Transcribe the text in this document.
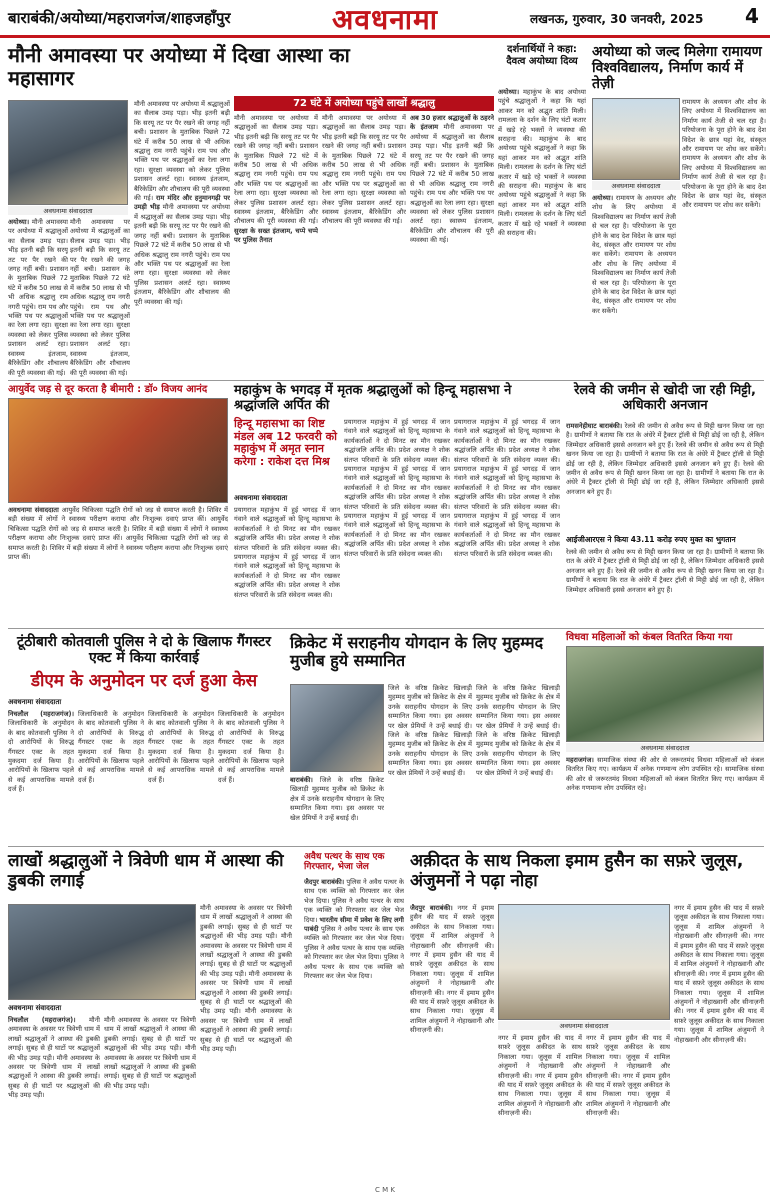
बाराबंकी/अयोध्या/महराजगंज/शाहजहाँपुर	अवधनामा	लखनऊ, गुरुवार, 30 जनवरी, 2025 4
मौनी अमावस्या पर अयोध्या में दिखा आस्था का महासागर
अवधनामा संवाददाता
72 घंटे में अयोध्या पहुंचे लाखों श्रद्धालु
अयोध्या। मौनी अमावस्या पर अयोध्या में श्रद्धालुओं का सैलाब उमड़ पड़ा। भीड़ इतनी बढ़ी कि सरयू तट पर पैर रखने की जगह नहीं बची। प्रशासन के मुताबिक पिछले 72 घंटे में करीब 50 लाख से भी अधिक श्रद्धालु राम नगरी पहुंचे। राम पथ और भक्ति पथ पर श्रद्धालुओं का रेला लगा रहा। सुरक्षा व्यवस्था को लेकर पुलिस प्रशासन अलर्ट रहा। स्वास्थ्य इंतजाम, बैरिकेडिंग और शौचालय की पूरी व्यवस्था की गई।
मौनी अमावस्या पर अयोध्या में श्रद्धालुओं का सैलाब उमड़ पड़ा। भीड़ इतनी बढ़ी कि सरयू तट पर पैर रखने की जगह नहीं बची। प्रशासन के मुताबिक पिछले 72 घंटे में करीब 50 लाख से भी अधिक श्रद्धालु राम नगरी पहुंचे। राम पथ और भक्ति पथ पर श्रद्धालुओं का रेला लगा रहा। सुरक्षा व्यवस्था को लेकर पुलिस प्रशासन अलर्ट रहा। स्वास्थ्य इंतजाम, बैरिकेडिंग और शौचालय की पूरी व्यवस्था की गई।
मौनी अमावस्या पर अयोध्या में श्रद्धालुओं का सैलाब उमड़ पड़ा। भीड़ इतनी बढ़ी कि सरयू तट पर पैर रखने की जगह नहीं बची। प्रशासन के मुताबिक पिछले 72 घंटे में करीब 50 लाख से भी अधिक श्रद्धालु राम नगरी पहुंचे। राम पथ और भक्ति पथ पर श्रद्धालुओं का रेला लगा रहा। सुरक्षा व्यवस्था को लेकर पुलिस प्रशासन अलर्ट रहा। स्वास्थ्य इंतजाम, बैरिकेडिंग और शौचालय की पूरी व्यवस्था की गई। राम मंदिर और हनुमानगढ़ी पर उमड़ी भीड़ मौनी अमावस्या पर अयोध्या में श्रद्धालुओं का सैलाब उमड़ पड़ा। भीड़ इतनी बढ़ी कि सरयू तट पर पैर रखने की जगह नहीं बची। प्रशासन के मुताबिक पिछले 72 घंटे में करीब 50 लाख से भी अधिक श्रद्धालु राम नगरी पहुंचे। राम पथ और भक्ति पथ पर श्रद्धालुओं का रेला लगा रहा। सुरक्षा व्यवस्था को लेकर पुलिस प्रशासन अलर्ट रहा। स्वास्थ्य इंतजाम, बैरिकेडिंग और शौचालय की पूरी व्यवस्था की गई।
मौनी अमावस्या पर अयोध्या में श्रद्धालुओं का सैलाब उमड़ पड़ा। भीड़ इतनी बढ़ी कि सरयू तट पर पैर रखने की जगह नहीं बची। प्रशासन के मुताबिक पिछले 72 घंटे में करीब 50 लाख से भी अधिक श्रद्धालु राम नगरी पहुंचे। राम पथ और भक्ति पथ पर श्रद्धालुओं का रेला लगा रहा। सुरक्षा व्यवस्था को लेकर पुलिस प्रशासन अलर्ट रहा। स्वास्थ्य इंतजाम, बैरिकेडिंग और शौचालय की पूरी व्यवस्था की गई। सुरक्षा के सख्त इंतजाम, चप्पे चप्पे पर पुलिस तैनात
मौनी अमावस्या पर अयोध्या में श्रद्धालुओं का सैलाब उमड़ पड़ा। भीड़ इतनी बढ़ी कि सरयू तट पर पैर रखने की जगह नहीं बची। प्रशासन के मुताबिक पिछले 72 घंटे में करीब 50 लाख से भी अधिक श्रद्धालु राम नगरी पहुंचे। राम पथ और भक्ति पथ पर श्रद्धालुओं का रेला लगा रहा। सुरक्षा व्यवस्था को लेकर पुलिस प्रशासन अलर्ट रहा। स्वास्थ्य इंतजाम, बैरिकेडिंग और शौचालय की पूरी व्यवस्था की गई।
अब 30 हजार श्रद्धालुओं के ठहरने के इंतजाम मौनी अमावस्या पर अयोध्या में श्रद्धालुओं का सैलाब उमड़ पड़ा। भीड़ इतनी बढ़ी कि सरयू तट पर पैर रखने की जगह नहीं बची। प्रशासन के मुताबिक पिछले 72 घंटे में करीब 50 लाख से भी अधिक श्रद्धालु राम नगरी पहुंचे। राम पथ और भक्ति पथ पर श्रद्धालुओं का रेला लगा रहा। सुरक्षा व्यवस्था को लेकर पुलिस प्रशासन अलर्ट रहा। स्वास्थ्य इंतजाम, बैरिकेडिंग और शौचालय की पूरी व्यवस्था की गई।
दर्शनार्थियों ने कहा: दैवत्व अयोध्या दिव्य
अयोध्या। महाकुंभ के बाद अयोध्या पहुंचे श्रद्धालुओं ने कहा कि यहां आकर मन को अद्भुत शांति मिली। रामलला के दर्शन के लिए घंटों कतार में खड़े रहे भक्तों ने व्यवस्था की सराहना की। महाकुंभ के बाद अयोध्या पहुंचे श्रद्धालुओं ने कहा कि यहां आकर मन को अद्भुत शांति मिली। रामलला के दर्शन के लिए घंटों कतार में खड़े रहे भक्तों ने व्यवस्था की सराहना की। महाकुंभ के बाद अयोध्या पहुंचे श्रद्धालुओं ने कहा कि यहां आकर मन को अद्भुत शांति मिली। रामलला के दर्शन के लिए घंटों कतार में खड़े रहे भक्तों ने व्यवस्था की सराहना की।
अयोध्या को जल्द मिलेगा रामायण विश्वविद्यालय, निर्माण कार्य में तेज़ी
अवधनामा संवाददाता
अयोध्या। रामायण के अध्ययन और शोध के लिए अयोध्या में विश्वविद्यालय का निर्माण कार्य तेजी से चल रहा है। परियोजना के पूरा होने के बाद देश विदेश के छात्र यहां वेद, संस्कृत और रामायण पर शोध कर सकेंगे। रामायण के अध्ययन और शोध के लिए अयोध्या में विश्वविद्यालय का निर्माण कार्य तेजी से चल रहा है। परियोजना के पूरा होने के बाद देश विदेश के छात्र यहां वेद, संस्कृत और रामायण पर शोध कर सकेंगे।
रामायण के अध्ययन और शोध के लिए अयोध्या में विश्वविद्यालय का निर्माण कार्य तेजी से चल रहा है। परियोजना के पूरा होने के बाद देश विदेश के छात्र यहां वेद, संस्कृत और रामायण पर शोध कर सकेंगे। रामायण के अध्ययन और शोध के लिए अयोध्या में विश्वविद्यालय का निर्माण कार्य तेजी से चल रहा है। परियोजना के पूरा होने के बाद देश विदेश के छात्र यहां वेद, संस्कृत और रामायण पर शोध कर सकेंगे।
आयुर्वेद जड़ से दूर करता है बीमारी : डॉ० विजय आनंद
अवधनामा संवाददाता आयुर्वेद चिकित्सा पद्धति रोगों को जड़ से समाप्त करती है। शिविर में बड़ी संख्या में लोगों ने स्वास्थ्य परीक्षण कराया और निःशुल्क दवाएं प्राप्त कीं। आयुर्वेद चिकित्सा पद्धति रोगों को जड़ से समाप्त करती है। शिविर में बड़ी संख्या में लोगों ने स्वास्थ्य परीक्षण कराया और निःशुल्क दवाएं प्राप्त कीं। आयुर्वेद चिकित्सा पद्धति रोगों को जड़ से समाप्त करती है। शिविर में बड़ी संख्या में लोगों ने स्वास्थ्य परीक्षण कराया और निःशुल्क दवाएं प्राप्त कीं।
महाकुंभ के भगदड़ में मृतक श्रद्धालुओं को हिन्दू महासभा ने श्रद्धांजलि अर्पित की
हिन्दू महासभा का शिष्ट मंडल अब 12 फरवरी को महाकुंभ में अमृत स्नान करेगा : राकेश दत्त मिश्र
अवधनामा संवाददाता
प्रयागराज महाकुंभ में हुई भगदड़ में जान गंवाने वाले श्रद्धालुओं को हिन्दू महासभा के कार्यकर्ताओं ने दो मिनट का मौन रखकर श्रद्धांजलि अर्पित की। प्रदेश अध्यक्ष ने शोक संतप्त परिवारों के प्रति संवेदना व्यक्त की। प्रयागराज महाकुंभ में हुई भगदड़ में जान गंवाने वाले श्रद्धालुओं को हिन्दू महासभा के कार्यकर्ताओं ने दो मिनट का मौन रखकर श्रद्धांजलि अर्पित की। प्रदेश अध्यक्ष ने शोक संतप्त परिवारों के प्रति संवेदना व्यक्त की।
प्रयागराज महाकुंभ में हुई भगदड़ में जान गंवाने वाले श्रद्धालुओं को हिन्दू महासभा के कार्यकर्ताओं ने दो मिनट का मौन रखकर श्रद्धांजलि अर्पित की। प्रदेश अध्यक्ष ने शोक संतप्त परिवारों के प्रति संवेदना व्यक्त की। प्रयागराज महाकुंभ में हुई भगदड़ में जान गंवाने वाले श्रद्धालुओं को हिन्दू महासभा के कार्यकर्ताओं ने दो मिनट का मौन रखकर श्रद्धांजलि अर्पित की। प्रदेश अध्यक्ष ने शोक संतप्त परिवारों के प्रति संवेदना व्यक्त की। प्रयागराज महाकुंभ में हुई भगदड़ में जान गंवाने वाले श्रद्धालुओं को हिन्दू महासभा के कार्यकर्ताओं ने दो मिनट का मौन रखकर श्रद्धांजलि अर्पित की। प्रदेश अध्यक्ष ने शोक संतप्त परिवारों के प्रति संवेदना व्यक्त की।
प्रयागराज महाकुंभ में हुई भगदड़ में जान गंवाने वाले श्रद्धालुओं को हिन्दू महासभा के कार्यकर्ताओं ने दो मिनट का मौन रखकर श्रद्धांजलि अर्पित की। प्रदेश अध्यक्ष ने शोक संतप्त परिवारों के प्रति संवेदना व्यक्त की। प्रयागराज महाकुंभ में हुई भगदड़ में जान गंवाने वाले श्रद्धालुओं को हिन्दू महासभा के कार्यकर्ताओं ने दो मिनट का मौन रखकर श्रद्धांजलि अर्पित की। प्रदेश अध्यक्ष ने शोक संतप्त परिवारों के प्रति संवेदना व्यक्त की। प्रयागराज महाकुंभ में हुई भगदड़ में जान गंवाने वाले श्रद्धालुओं को हिन्दू महासभा के कार्यकर्ताओं ने दो मिनट का मौन रखकर श्रद्धांजलि अर्पित की। प्रदेश अध्यक्ष ने शोक संतप्त परिवारों के प्रति संवेदना व्यक्त की।
रेलवे की जमीन से खोदी जा रही मिट्टी, अधिकारी अनजान
रामसनेहीघाट बाराबंकी। रेलवे की जमीन से अवैध रूप से मिट्टी खनन किया जा रहा है। ग्रामीणों ने बताया कि रात के अंधेरे में ट्रैक्टर ट्रॉली से मिट्टी ढोई जा रही है, लेकिन जिम्मेदार अधिकारी इससे अनजान बने हुए हैं। रेलवे की जमीन से अवैध रूप से मिट्टी खनन किया जा रहा है। ग्रामीणों ने बताया कि रात के अंधेरे में ट्रैक्टर ट्रॉली से मिट्टी ढोई जा रही है, लेकिन जिम्मेदार अधिकारी इससे अनजान बने हुए हैं। रेलवे की जमीन से अवैध रूप से मिट्टी खनन किया जा रहा है। ग्रामीणों ने बताया कि रात के अंधेरे में ट्रैक्टर ट्रॉली से मिट्टी ढोई जा रही है, लेकिन जिम्मेदार अधिकारी इससे अनजान बने हुए हैं।
आईजीआरएस ने किया 43.11 करोड़ रुपए मुक्त का भुगतान
रेलवे की जमीन से अवैध रूप से मिट्टी खनन किया जा रहा है। ग्रामीणों ने बताया कि रात के अंधेरे में ट्रैक्टर ट्रॉली से मिट्टी ढोई जा रही है, लेकिन जिम्मेदार अधिकारी इससे अनजान बने हुए हैं। रेलवे की जमीन से अवैध रूप से मिट्टी खनन किया जा रहा है। ग्रामीणों ने बताया कि रात के अंधेरे में ट्रैक्टर ट्रॉली से मिट्टी ढोई जा रही है, लेकिन जिम्मेदार अधिकारी इससे अनजान बने हुए हैं।
विधवा महिलाओं को कंबल वितरित किया गया
अवधनामा संवाददाता
महराजगंज। सामाजिक संस्था की ओर से जरूरतमंद विधवा महिलाओं को कंबल वितरित किए गए। कार्यक्रम में अनेक गणमान्य लोग उपस्थित रहे। सामाजिक संस्था की ओर से जरूरतमंद विधवा महिलाओं को कंबल वितरित किए गए। कार्यक्रम में अनेक गणमान्य लोग उपस्थित रहे।
टूंठीबारी कोतवाली पुलिस ने दो के खिलाफ गैंगस्टर एक्ट में किया कार्रवाई
डीएम के अनुमोदन पर दर्ज हुआ केस
अवधनामा संवाददाता
निचलौल (महराजगंज)। जिलाधिकारी के अनुमोदन के बाद कोतवाली पुलिस ने दो आरोपियों के विरुद्ध गैंगस्टर एक्ट के तहत मुकदमा दर्ज किया है। आरोपियों के खिलाफ पहले से कई आपराधिक मामले दर्ज हैं।
जिलाधिकारी के अनुमोदन के बाद कोतवाली पुलिस ने दो आरोपियों के विरुद्ध गैंगस्टर एक्ट के तहत मुकदमा दर्ज किया है। आरोपियों के खिलाफ पहले से कई आपराधिक मामले दर्ज हैं।
जिलाधिकारी के अनुमोदन के बाद कोतवाली पुलिस ने दो आरोपियों के विरुद्ध गैंगस्टर एक्ट के तहत मुकदमा दर्ज किया है। आरोपियों के खिलाफ पहले से कई आपराधिक मामले दर्ज हैं।
जिलाधिकारी के अनुमोदन के बाद कोतवाली पुलिस ने दो आरोपियों के विरुद्ध गैंगस्टर एक्ट के तहत मुकदमा दर्ज किया है। आरोपियों के खिलाफ पहले से कई आपराधिक मामले दर्ज हैं।
क्रिकेट में सराहनीय योगदान के लिए मुहम्मद मुजीब हुये सम्मानित
बाराबंकी। जिले के वरिष्ठ क्रिकेट खिलाड़ी मुहम्मद मुजीब को क्रिकेट के क्षेत्र में उनके सराहनीय योगदान के लिए सम्मानित किया गया। इस अवसर पर खेल प्रेमियों ने उन्हें बधाई दी।
जिले के वरिष्ठ क्रिकेट खिलाड़ी मुहम्मद मुजीब को क्रिकेट के क्षेत्र में उनके सराहनीय योगदान के लिए सम्मानित किया गया। इस अवसर पर खेल प्रेमियों ने उन्हें बधाई दी। जिले के वरिष्ठ क्रिकेट खिलाड़ी मुहम्मद मुजीब को क्रिकेट के क्षेत्र में उनके सराहनीय योगदान के लिए सम्मानित किया गया। इस अवसर पर खेल प्रेमियों ने उन्हें बधाई दी।
जिले के वरिष्ठ क्रिकेट खिलाड़ी मुहम्मद मुजीब को क्रिकेट के क्षेत्र में उनके सराहनीय योगदान के लिए सम्मानित किया गया। इस अवसर पर खेल प्रेमियों ने उन्हें बधाई दी। जिले के वरिष्ठ क्रिकेट खिलाड़ी मुहम्मद मुजीब को क्रिकेट के क्षेत्र में उनके सराहनीय योगदान के लिए सम्मानित किया गया। इस अवसर पर खेल प्रेमियों ने उन्हें बधाई दी।
लाखों श्रद्धालुओं ने त्रिवेणी धाम में आस्था की डुबकी लगाई
अवधनामा संवाददाता
निचलौल (महराजगंज)। मौनी अमावस्या के अवसर पर त्रिवेणी धाम में लाखों श्रद्धालुओं ने आस्था की डुबकी लगाई। सुबह से ही घाटों पर श्रद्धालुओं की भीड़ उमड़ पड़ी। मौनी अमावस्या के अवसर पर त्रिवेणी धाम में लाखों श्रद्धालुओं ने आस्था की डुबकी लगाई। सुबह से ही घाटों पर श्रद्धालुओं की भीड़ उमड़ पड़ी।
मौनी अमावस्या के अवसर पर त्रिवेणी धाम में लाखों श्रद्धालुओं ने आस्था की डुबकी लगाई। सुबह से ही घाटों पर श्रद्धालुओं की भीड़ उमड़ पड़ी। मौनी अमावस्या के अवसर पर त्रिवेणी धाम में लाखों श्रद्धालुओं ने आस्था की डुबकी लगाई। सुबह से ही घाटों पर श्रद्धालुओं की भीड़ उमड़ पड़ी।
मौनी अमावस्या के अवसर पर त्रिवेणी धाम में लाखों श्रद्धालुओं ने आस्था की डुबकी लगाई। सुबह से ही घाटों पर श्रद्धालुओं की भीड़ उमड़ पड़ी। मौनी अमावस्या के अवसर पर त्रिवेणी धाम में लाखों श्रद्धालुओं ने आस्था की डुबकी लगाई। सुबह से ही घाटों पर श्रद्धालुओं की भीड़ उमड़ पड़ी। मौनी अमावस्या के अवसर पर त्रिवेणी धाम में लाखों श्रद्धालुओं ने आस्था की डुबकी लगाई। सुबह से ही घाटों पर श्रद्धालुओं की भीड़ उमड़ पड़ी। मौनी अमावस्या के अवसर पर त्रिवेणी धाम में लाखों श्रद्धालुओं ने आस्था की डुबकी लगाई। सुबह से ही घाटों पर श्रद्धालुओं की भीड़ उमड़ पड़ी।
अवैध पत्थर के साथ एक गिरफ्तार, भेजा जेल
जैदपुर बाराबंकी। पुलिस ने अवैध पत्थर के साथ एक व्यक्ति को गिरफ्तार कर जेल भेज दिया। पुलिस ने अवैध पत्थर के साथ एक व्यक्ति को गिरफ्तार कर जेल भेज दिया। भारतीय सीमा में प्रवेश के लिए लगी पाबंदी पुलिस ने अवैध पत्थर के साथ एक व्यक्ति को गिरफ्तार कर जेल भेज दिया। पुलिस ने अवैध पत्थर के साथ एक व्यक्ति को गिरफ्तार कर जेल भेज दिया। पुलिस ने अवैध पत्थर के साथ एक व्यक्ति को गिरफ्तार कर जेल भेज दिया।
अक़ीदत के साथ निकला इमाम हुसैन का सफ़रे जुलूस, अंजुमनों ने पढ़ा नोहा
जैदपुर बाराबंकी। नगर में इमाम हुसैन की याद में सफ़रे जुलूस अकीदत के साथ निकाला गया। जुलूस में शामिल अंजुमनों ने नोहाख्वानी और सीनाज़नी की। नगर में इमाम हुसैन की याद में सफ़रे जुलूस अकीदत के साथ निकाला गया। जुलूस में शामिल अंजुमनों ने नोहाख्वानी और सीनाज़नी की। नगर में इमाम हुसैन की याद में सफ़रे जुलूस अकीदत के साथ निकाला गया। जुलूस में शामिल अंजुमनों ने नोहाख्वानी और सीनाज़नी की।
अवधनामा संवाददाता
नगर में इमाम हुसैन की याद में सफ़रे जुलूस अकीदत के साथ निकाला गया। जुलूस में शामिल अंजुमनों ने नोहाख्वानी और सीनाज़नी की। नगर में इमाम हुसैन की याद में सफ़रे जुलूस अकीदत के साथ निकाला गया। जुलूस में शामिल अंजुमनों ने नोहाख्वानी और सीनाज़नी की।
नगर में इमाम हुसैन की याद में सफ़रे जुलूस अकीदत के साथ निकाला गया। जुलूस में शामिल अंजुमनों ने नोहाख्वानी और सीनाज़नी की। नगर में इमाम हुसैन की याद में सफ़रे जुलूस अकीदत के साथ निकाला गया। जुलूस में शामिल अंजुमनों ने नोहाख्वानी और सीनाज़नी की।
नगर में इमाम हुसैन की याद में सफ़रे जुलूस अकीदत के साथ निकाला गया। जुलूस में शामिल अंजुमनों ने नोहाख्वानी और सीनाज़नी की। नगर में इमाम हुसैन की याद में सफ़रे जुलूस अकीदत के साथ निकाला गया। जुलूस में शामिल अंजुमनों ने नोहाख्वानी और सीनाज़नी की। नगर में इमाम हुसैन की याद में सफ़रे जुलूस अकीदत के साथ निकाला गया। जुलूस में शामिल अंजुमनों ने नोहाख्वानी और सीनाज़नी की। नगर में इमाम हुसैन की याद में सफ़रे जुलूस अकीदत के साथ निकाला गया। जुलूस में शामिल अंजुमनों ने नोहाख्वानी और सीनाज़नी की।
C M K
